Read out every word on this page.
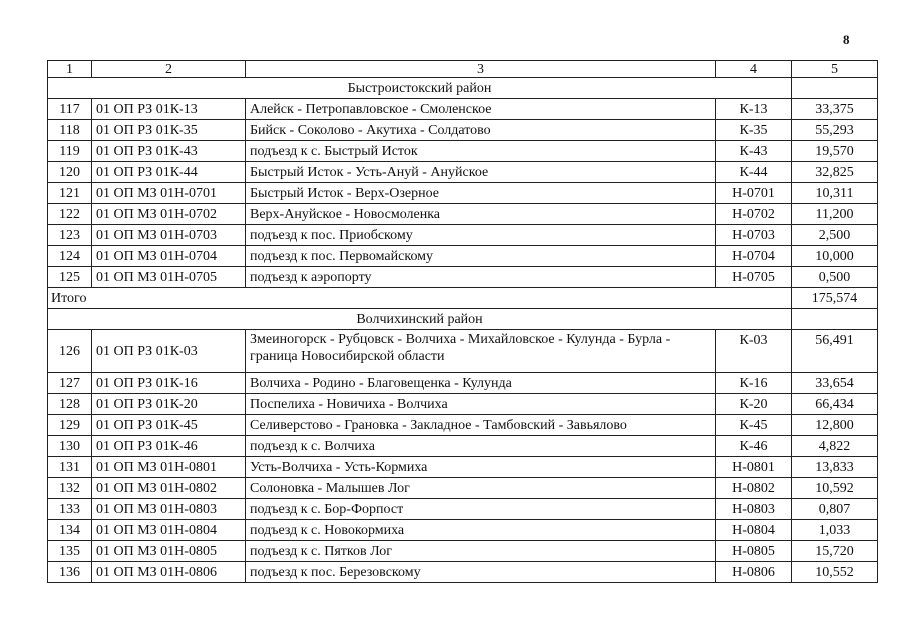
8
1	2	3	4	5
Быстроистокский район				
117	01 ОП РЗ 01К-13	Алейск - Петропавловское - Смоленское	К-13	33,375
118	01 ОП РЗ 01К-35	Бийск - Соколово - Акутиха - Солдатово	К-35	55,293
119	01 ОП РЗ 01К-43	подъезд к с. Быстрый Исток	К-43	19,570
120	01 ОП РЗ 01К-44	Быстрый Исток - Усть-Ануй - Ануйское	К-44	32,825
121	01 ОП МЗ 01Н-0701	Быстрый Исток - Верх-Озерное	Н-0701	10,311
122	01 ОП МЗ 01Н-0702	Верх-Ануйское - Новосмоленка	Н-0702	11,200
123	01 ОП МЗ 01Н-0703	подъезд к пос. Приобскому	Н-0703	2,500
124	01 ОП МЗ 01Н-0704	подъезд к пос. Первомайскому	Н-0704	10,000
125	01 ОП МЗ 01Н-0705	подъезд к аэропорту	Н-0705	0,500
Итого				175,574
Волчихинский район				
126	01 ОП РЗ 01К-03	Змеиногорск - Рубцовск - Волчиха - Михайловское - Кулунда - Бурла - граница Новосибирской области	К-03	56,491
127	01 ОП РЗ 01К-16	Волчиха - Родино - Благовещенка - Кулунда	К-16	33,654
128	01 ОП РЗ 01К-20	Поспелиха - Новичиха - Волчиха	К-20	66,434
129	01 ОП РЗ 01К-45	Селиверстово - Грановка - Закладное - Тамбовский - Завьялово	К-45	12,800
130	01 ОП РЗ 01К-46	подъезд к с. Волчиха	К-46	4,822
131	01 ОП МЗ 01Н-0801	Усть-Волчиха - Усть-Кормиха	Н-0801	13,833
132	01 ОП МЗ 01Н-0802	Солоновка - Малышев Лог	Н-0802	10,592
133	01 ОП МЗ 01Н-0803	подъезд к с. Бор-Форпост	Н-0803	0,807
134	01 ОП МЗ 01Н-0804	подъезд к с. Новокормиха	Н-0804	1,033
135	01 ОП МЗ 01Н-0805	подъезд к с. Пятков Лог	Н-0805	15,720
136	01 ОП МЗ 01Н-0806	подъезд к пос. Березовскому	Н-0806	10,552
